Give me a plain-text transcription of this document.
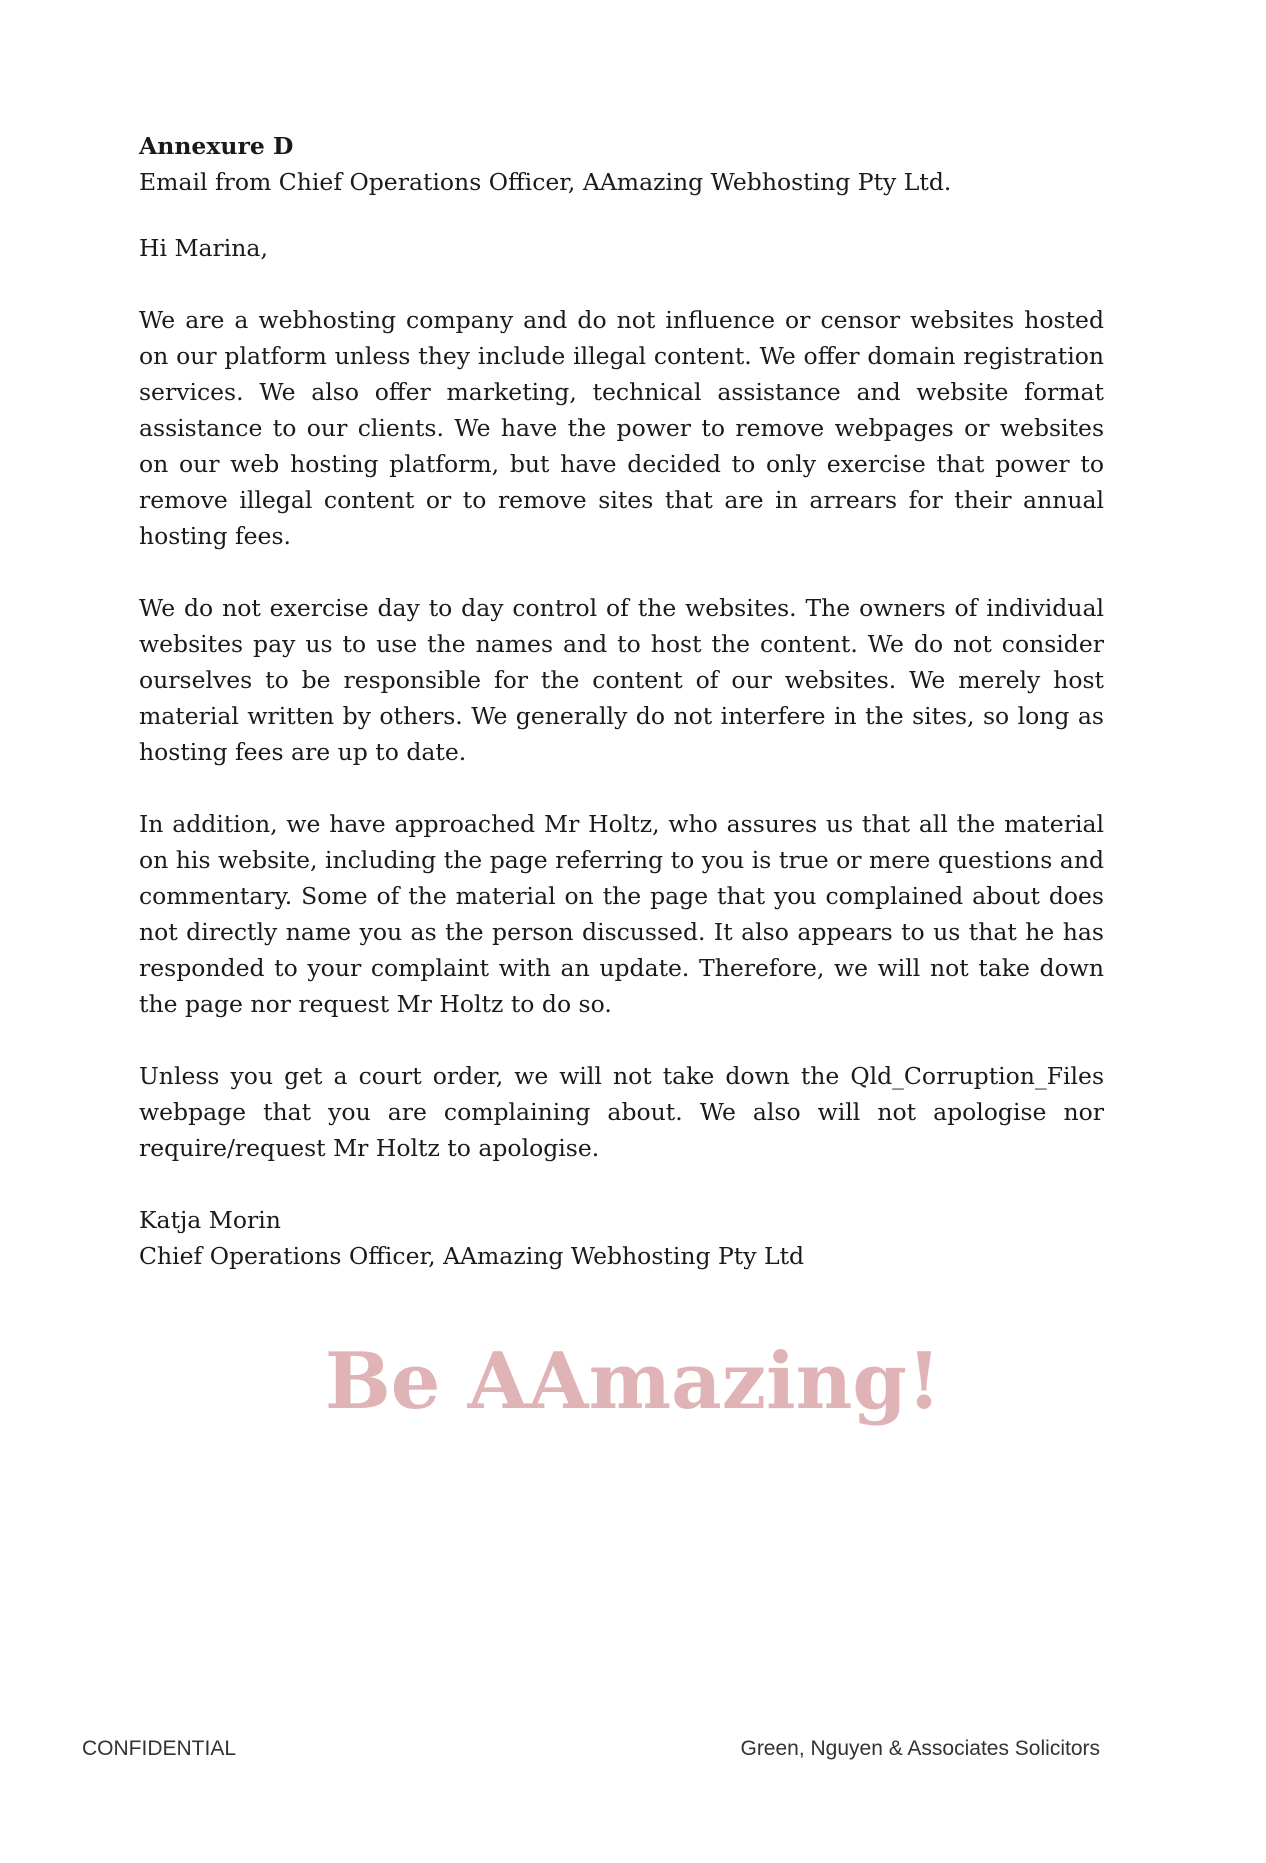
Annexure D

Email from Chief Operations Officer, AAmazing Webhosting Pty Ltd.

Hi Marina,

We are a webhosting company and do not influence or censor websites hosted on our platform unless they include illegal content. We offer domain registration services. We also offer marketing, technical assistance and website format assistance to our clients. We have the power to remove webpages or websites on our web hosting platform, but have decided to only exercise that power to remove illegal content or to remove sites that are in arrears for their annual hosting fees.

We do not exercise day to day control of the websites. The owners of individual websites pay us to use the names and to host the content. We do not consider ourselves to be responsible for the content of our websites. We merely host material written by others. We generally do not interfere in the sites, so long as hosting fees are up to date.

In addition, we have approached Mr Holtz, who assures us that all the material on his website, including the page referring to you is true or mere questions and commentary. Some of the material on the page that you complained about does not directly name you as the person discussed. It also appears to us that he has responded to your complaint with an update. Therefore, we will not take down the page nor request Mr Holtz to do so.

Unless you get a court order, we will not take down the Qld_Corruption_Files webpage that you are complaining about. We also will not apologise nor require/request Mr Holtz to apologise.

Katja Morin

Chief Operations Officer, AAmazing Webhosting Pty Ltd

Be AAmazing!

CONFIDENTIAL	Green, Nguyen & Associates Solicitors
